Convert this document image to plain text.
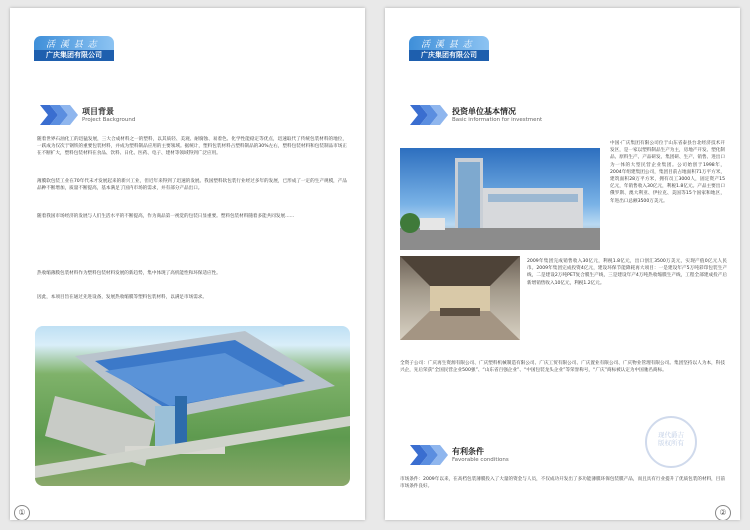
活 溪 县 志
广庆集团有限公司
项目背景
Project Background

随着世界石油化工的迅猛发展，三大合成材料之一的塑料，以其质轻、美观、耐腐蚀、易着色、化学性能稳定等优点，迅速取代了传统包装材料的地位，一跃成为仅次于钢铁的重要包装材料，并成为塑料制品应用的主要领域。据统计，塑料包装材料占塑料制品的30%左右，塑料包装材料和包装制品市场正在不断扩大，塑料包装材料在食品、饮料、日化、医药、电子、建材等领域得到广泛应用。

薄膜软包装工业在70年代末才发展起来的新兴工业，但近年来得到了迅速的发展。我国塑料软包装行业经过多年的发展，已形成了一定的生产规模，产品品种不断增加，质量不断提高，基本满足了国内市场的需求，并有部分产品出口。

随着我国市场经济的发展与人们生活水平的不断提高，作为商品第一视觉的包装日显重要。塑料包装材料随着多能共同发展……

热收缩薄膜包装材料作为塑料包装材料发展的新趋势，集中体现了高机能性和环保适应性。

因此，本项目旨在通过先进设备，发展热收缩膜等塑料包装材料，以满足市场需求。

①
活 溪 县 志
广庆集团有限公司
投资单位基本情况
Basic information for investment

中国·广庆集团有限公司位于山东省泰县台北经济技术开发区，是一家以塑料制品生产为主，房地产开发、塑化制品、原料生产、产品研发、集团研、生产、销售、进出口为一体的大型民营企业集团。公司始创于1998年，2004年组建集团公司，集团目前占地面积71万平方米，建筑面积28万平方米，拥有员工3000人，固定资产15亿元，年销售收入30亿元，利税1.8亿元。产品主要出口俄罗斯、澳大利亚、伊拉克、美国等15个国家和地区，年进出口总额3500万美元。

2009年集团完成销售收入30亿元，利税1.8亿元，出口创汇3500万美元，实现产值0亿元人民币。2009年集团完成投资4亿元，建设环保节能降耗再大项目：一是建设年产5万吨彩印包装生产线，二是建设2万吨PET复合膜生产线，三是建设年产4万吨热收缩膜生产线，工程全部建成投产后新增销售收入10亿元，利税1.2亿元。

全资子公司：广庆再生资源有限公司、广庆塑料机械制造有限公司、广庆工贸有限公司、广庆置业有限公司、广庆物业管理有限公司。集团坚持以人为本，科技兴企，先后荣获“全国民营企业500强”、“山东省百强企业”、“中国包装龙头企业”等荣誉称号，“广庆”商标被认定为中国驰名商标。

有利条件
Favorable conditions

市场条件：2009年以来，在高档包装薄膜投入了大量的资金与人员，不仅成功开发出了多功能薄膜环保包装膜产品，而且具有行业提升了优质包装的材料，目前市场条件良好。

现代爵吉
版权所有
②
